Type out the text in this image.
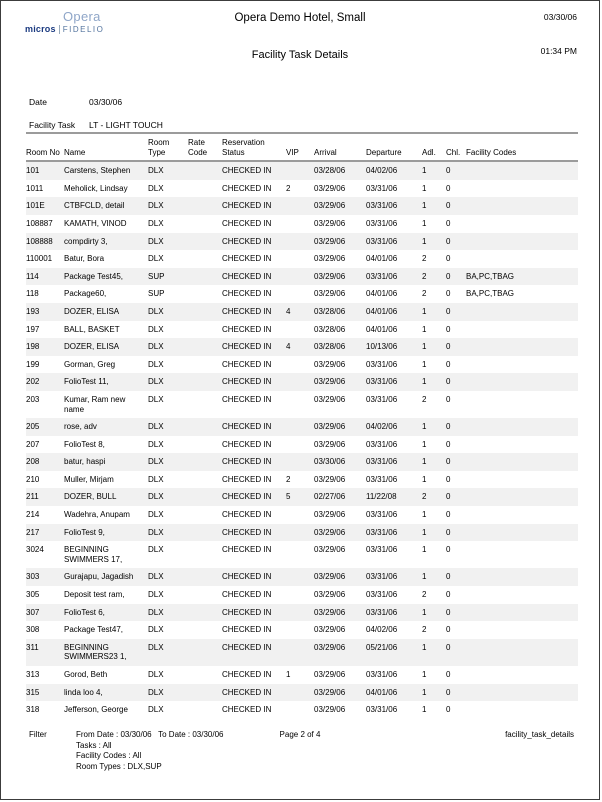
Opera
micros FIDELIO
Opera Demo Hotel, Small	03/30/06
Facility Task Details	01:34 PM
Date	03/30/06
Facility Task	LT - LIGHT TOUCH
Room No	Name	Room Type	Rate Code	Reservation Status	VIP	Arrival	Departure	Adl.	Chl.	Facility Codes
101	Carstens, Stephen	DLX		CHECKED IN		03/28/06	04/02/06	1	0	
1011	Meholick, Lindsay	DLX		CHECKED IN	2	03/29/06	03/31/06	1	0	
101E	CTBFCLD, detail	DLX		CHECKED IN		03/29/06	03/31/06	1	0	
108887	KAMATH, VINOD	DLX		CHECKED IN		03/29/06	03/31/06	1	0	
108888	compdirty 3,	DLX		CHECKED IN		03/29/06	03/31/06	1	0	
110001	Batur, Bora	DLX		CHECKED IN		03/29/06	04/01/06	2	0	
114	Package Test45,	SUP		CHECKED IN		03/29/06	03/31/06	2	0	BA,PC,TBAG
118	Package60,	SUP		CHECKED IN		03/29/06	04/01/06	2	0	BA,PC,TBAG
193	DOZER, ELISA	DLX		CHECKED IN	4	03/28/06	04/01/06	1	0	
197	BALL, BASKET	DLX		CHECKED IN		03/28/06	04/01/06	1	0	
198	DOZER, ELISA	DLX		CHECKED IN	4	03/28/06	10/13/06	1	0	
199	Gorman, Greg	DLX		CHECKED IN		03/29/06	03/31/06	1	0	
202	FolioTest 11,	DLX		CHECKED IN		03/29/06	03/31/06	1	0	
203	Kumar, Ram new name	DLX		CHECKED IN		03/29/06	03/31/06	2	0	
205	rose, adv	DLX		CHECKED IN		03/29/06	04/02/06	1	0	
207	FolioTest 8,	DLX		CHECKED IN		03/29/06	03/31/06	1	0	
208	batur, haspi	DLX		CHECKED IN		03/30/06	03/31/06	1	0	
210	Muller, Mirjam	DLX		CHECKED IN	2	03/29/06	03/31/06	1	0	
211	DOZER, BULL	DLX		CHECKED IN	5	02/27/06	11/22/08	2	0	
214	Wadehra, Anupam	DLX		CHECKED IN		03/29/06	03/31/06	1	0	
217	FolioTest 9,	DLX		CHECKED IN		03/29/06	03/31/06	1	0	
3024	BEGINNING SWIMMERS 17,	DLX		CHECKED IN		03/29/06	03/31/06	1	0	
303	Gurajapu, Jagadish	DLX		CHECKED IN		03/29/06	03/31/06	1	0	
305	Deposit test ram,	DLX		CHECKED IN		03/29/06	03/31/06	2	0	
307	FolioTest 6,	DLX		CHECKED IN		03/29/06	03/31/06	1	0	
308	Package Test47,	DLX		CHECKED IN		03/29/06	04/02/06	2	0	
311	BEGINNING SWIMMERS23 1,	DLX		CHECKED IN		03/29/06	05/21/06	1	0	
313	Gorod, Beth	DLX		CHECKED IN	1	03/29/06	03/31/06	1	0	
315	linda loo 4,	DLX		CHECKED IN		03/29/06	04/01/06	1	0	
318	Jefferson, George	DLX		CHECKED IN		03/29/06	03/31/06	1	0	
Filter	From Date : 03/30/06   To Date : 03/30/06
Tasks : All
Facility Codes : All
Room Types : DLX,SUP
Page 2 of 4	facility_task_details
